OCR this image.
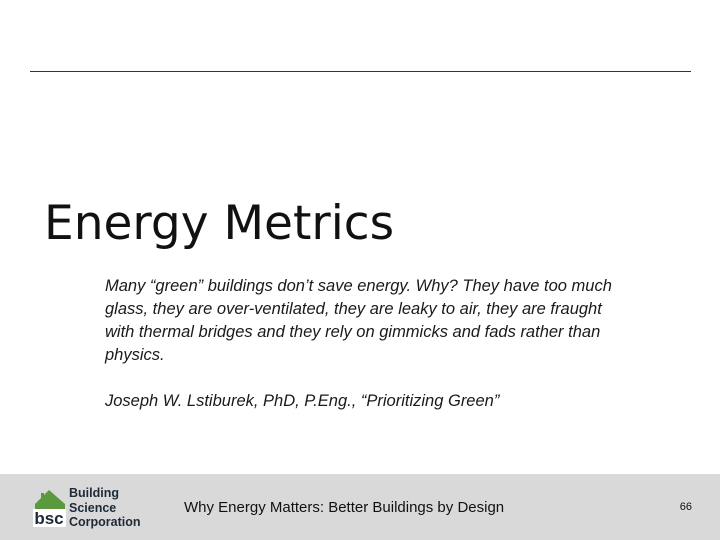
Energy Metrics

Many “green” buildings don’t save energy. Why? They have too much glass, they are over-ventilated, they are leaky to air, they are fraught with thermal bridges and they rely on gimmicks and fads rather than physics.

Joseph W. Lstiburek, PhD, P.Eng., “Prioritizing Green”

bsc
Building
Science
Corporation
Why Energy Matters: Better Buildings by Design	66
